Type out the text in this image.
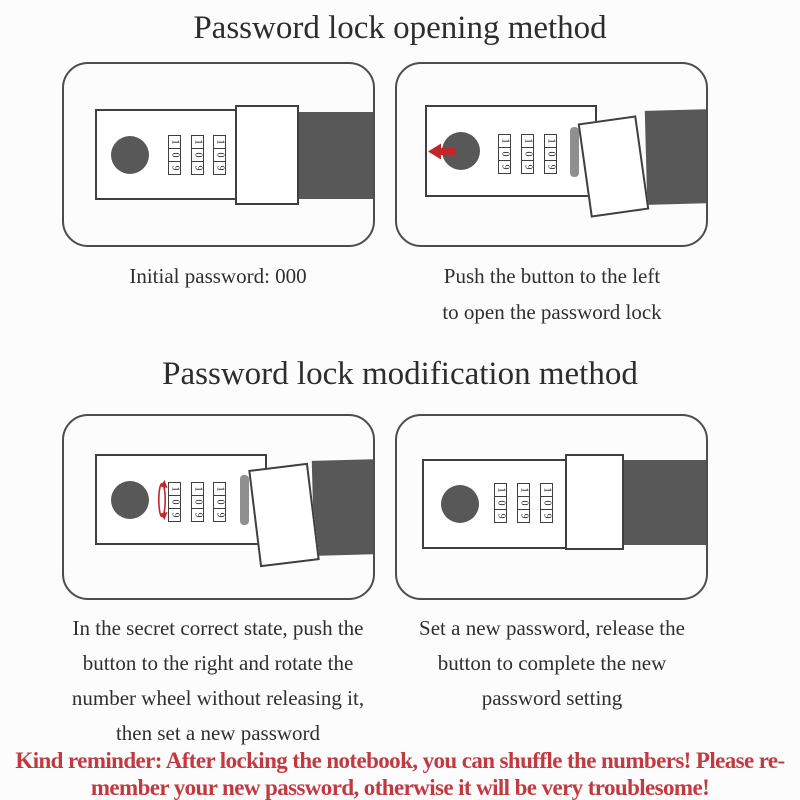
Password lock opening method
1
0
9
1
0
9
1
0
9
1
0
9
1
0
9
1
0
9
Initial password: 000	Push the button to the left
to open the password lock
Password lock modification method
1
0
9
1
0
9
1
0
9
1
0
9
1
0
9
1
0
9
In the secret correct state, push the
button to the right and rotate the
number wheel without releasing it,
then set a new password
Set a new password, release the
button to complete the new
password setting
Kind reminder: After locking the notebook, you can shuffle the numbers! Please re-
member your new password, otherwise it will be very troublesome!
